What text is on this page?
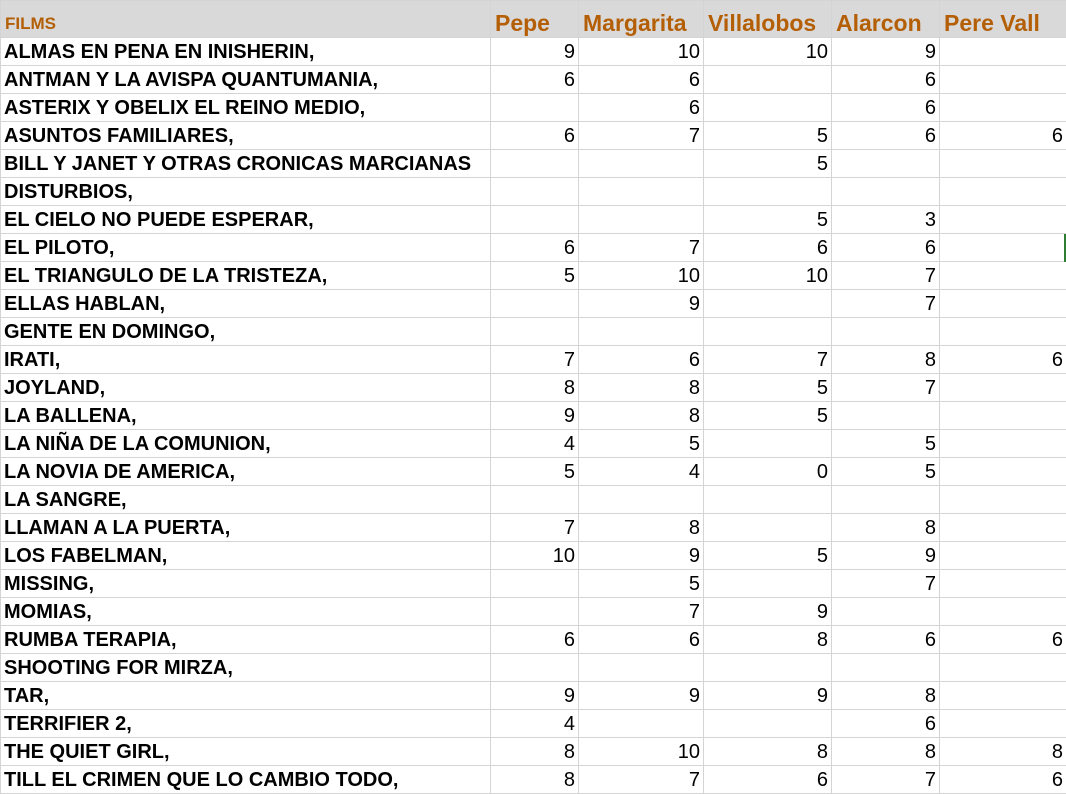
FILMS	Pepe	Margarita	Villalobos	Alarcon	Pere Vall
ALMAS EN PENA EN INISHERIN,	9	10	10	9	
ANTMAN Y LA AVISPA QUANTUMANIA,	6	6		6	
ASTERIX Y OBELIX EL REINO MEDIO,		6		6	
ASUNTOS FAMILIARES,	6	7	5	6	6
BILL Y JANET Y OTRAS CRONICAS MARCIANAS			5		
DISTURBIOS,					
EL CIELO NO PUEDE ESPERAR,			5	3	
EL PILOTO,	6	7	6	6	
EL TRIANGULO DE LA TRISTEZA,	5	10	10	7	
ELLAS HABLAN,		9		7	
GENTE EN DOMINGO,					
IRATI,	7	6	7	8	6
JOYLAND,	8	8	5	7	
LA BALLENA,	9	8	5		
LA NIÑA DE LA COMUNION,	4	5		5	
LA NOVIA DE AMERICA,	5	4	0	5	
LA SANGRE,					
LLAMAN A LA PUERTA,	7	8		8	
LOS FABELMAN,	10	9	5	9	
MISSING,		5		7	
MOMIAS,		7	9		
RUMBA TERAPIA,	6	6	8	6	6
SHOOTING FOR MIRZA,					
TAR,	9	9	9	8	
TERRIFIER 2,	4			6	
THE QUIET GIRL,	8	10	8	8	8
TILL EL CRIMEN QUE LO CAMBIO TODO,	8	7	6	7	6
